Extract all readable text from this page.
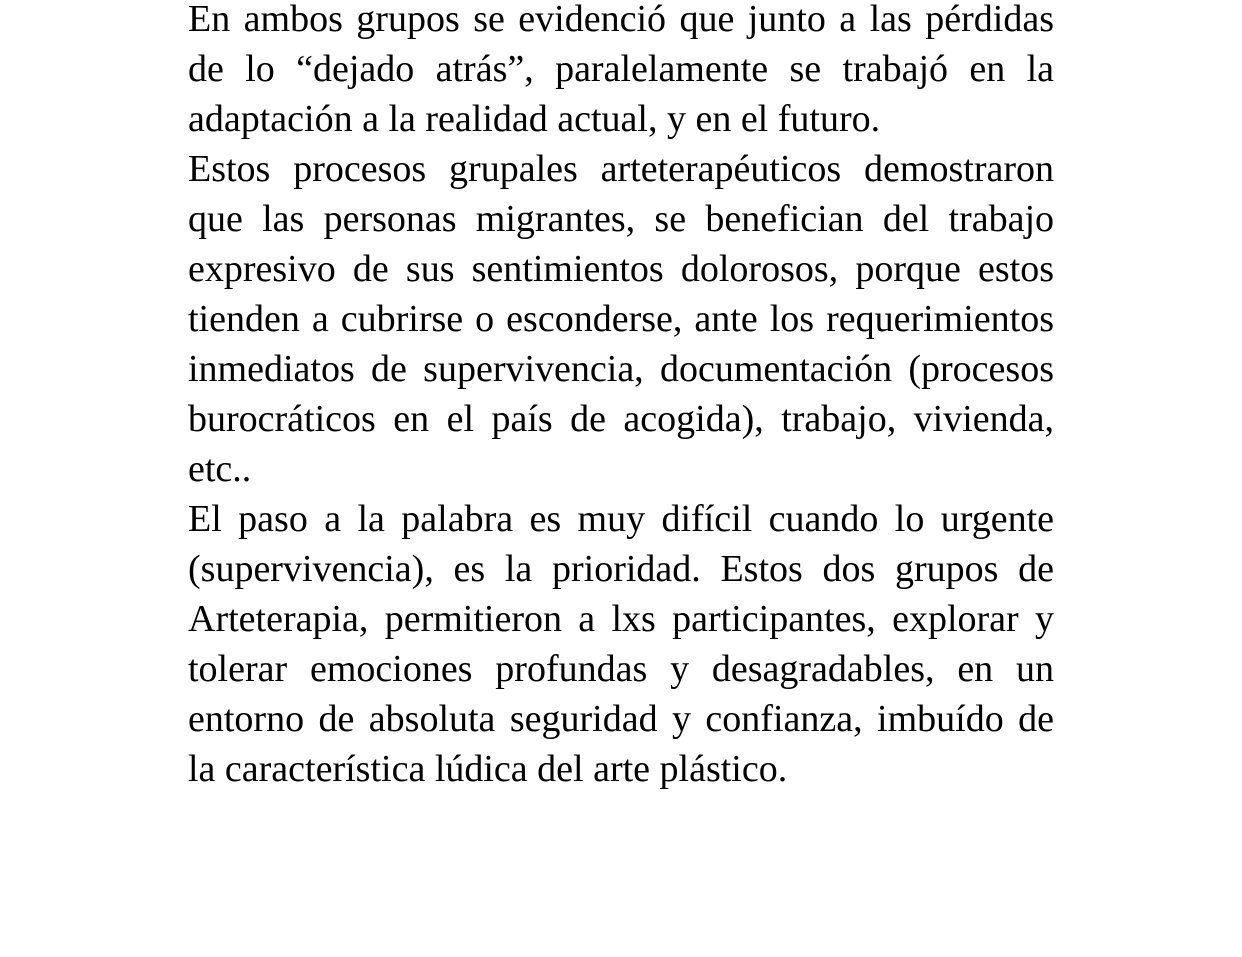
En ambos grupos se evidenció que junto a las pérdidas de lo “dejado atrás”, paralelamente se trabajó en la adaptación a la realidad actual, y en el futuro.

Estos procesos grupales arteterapéuticos demostraron que las personas migrantes, se benefician del trabajo expresivo de sus sentimientos dolorosos, porque estos tienden a cubrirse o esconderse, ante los requerimientos inmediatos de supervivencia, documentación (procesos burocráticos en el país de acogida), trabajo, vivienda, etc..

El paso a la palabra es muy difícil cuando lo urgente (supervivencia), es la prioridad. Estos dos grupos de Arteterapia, permitieron a lxs participantes, explorar y tolerar emociones profundas y desagradables, en un entorno de absoluta seguridad y confianza, imbuído de la característica lúdica del arte plástico.
